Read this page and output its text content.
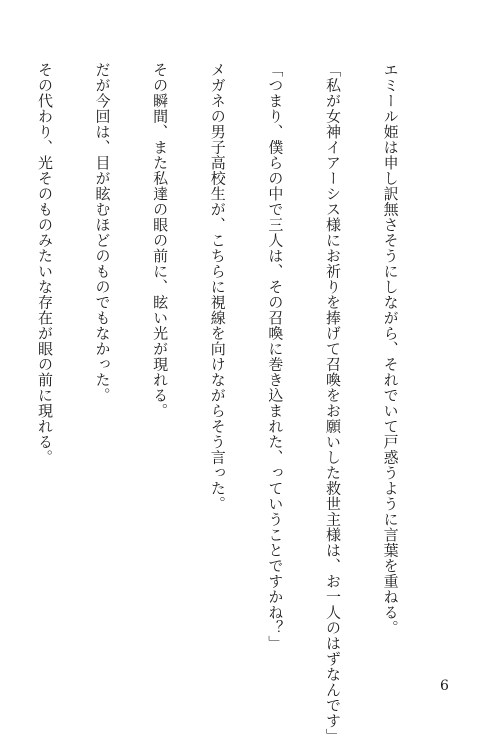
エミール姫は申し訳無さそうにしながら、それでいて戸惑うように言葉を重ねる。

「私が女神イアーシス様にお祈りを捧げて召喚をお願いした救世主様は、お一人のはずなんです」

「つまり、僕らの中で三人は、その召喚に巻き込まれた、っていうことですかね？」

メガネの男子高校生が、こちらに視線を向けながらそう言った。

その瞬間、また私達の眼の前に、眩い光が現れる。

だが今回は、目が眩むほどのものでもなかった。

その代わり、光そのものみたいな存在が眼の前に現れる。

6
